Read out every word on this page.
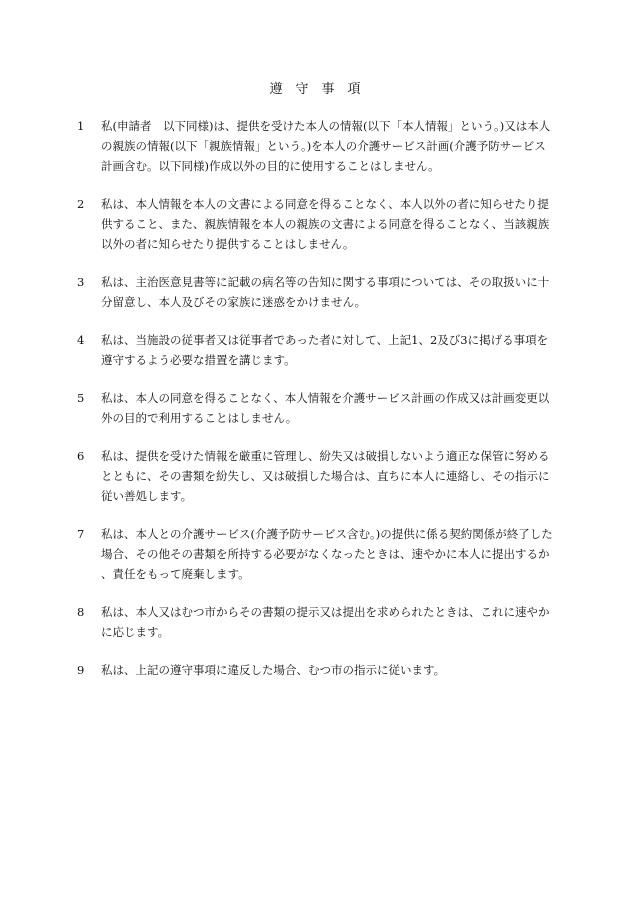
遵　守　事　項
1	私(申請者　以下同様)は、提供を受けた本人の情報(以下「本人情報」という。)又は本人の親族の情報(以下「親族情報」という。)を本人の介護サービス計画(介護予防サービス計画含む。以下同様)作成以外の目的に使用することはしません。
2	私は、本人情報を本人の文書による同意を得ることなく、本人以外の者に知らせたり提供すること、また、親族情報を本人の親族の文書による同意を得ることなく、当該親族以外の者に知らせたり提供することはしません。
3	私は、主治医意見書等に記載の病名等の告知に関する事項については、その取扱いに十分留意し、本人及びその家族に迷惑をかけません。
4	私は、当施設の従事者又は従事者であった者に対して、上記1、2及び3に掲げる事項を遵守するよう必要な措置を講じます。
5	私は、本人の同意を得ることなく、本人情報を介護サービス計画の作成又は計画変更以外の目的で利用することはしません。
6	私は、提供を受けた情報を厳重に管理し、紛失又は破損しないよう適正な保管に努めるとともに、その書類を紛失し、又は破損した場合は、直ちに本人に連絡し、その指示に従い善処します。
7	私は、本人との介護サービス(介護予防サービス含む。)の提供に係る契約関係が終了した場合、その他その書類を所持する必要がなくなったときは、速やかに本人に提出するか、責任をもって廃棄します。
8	私は、本人又はむつ市からその書類の提示又は提出を求められたときは、これに速やかに応じます。
9	私は、上記の遵守事項に違反した場合、むつ市の指示に従います。
